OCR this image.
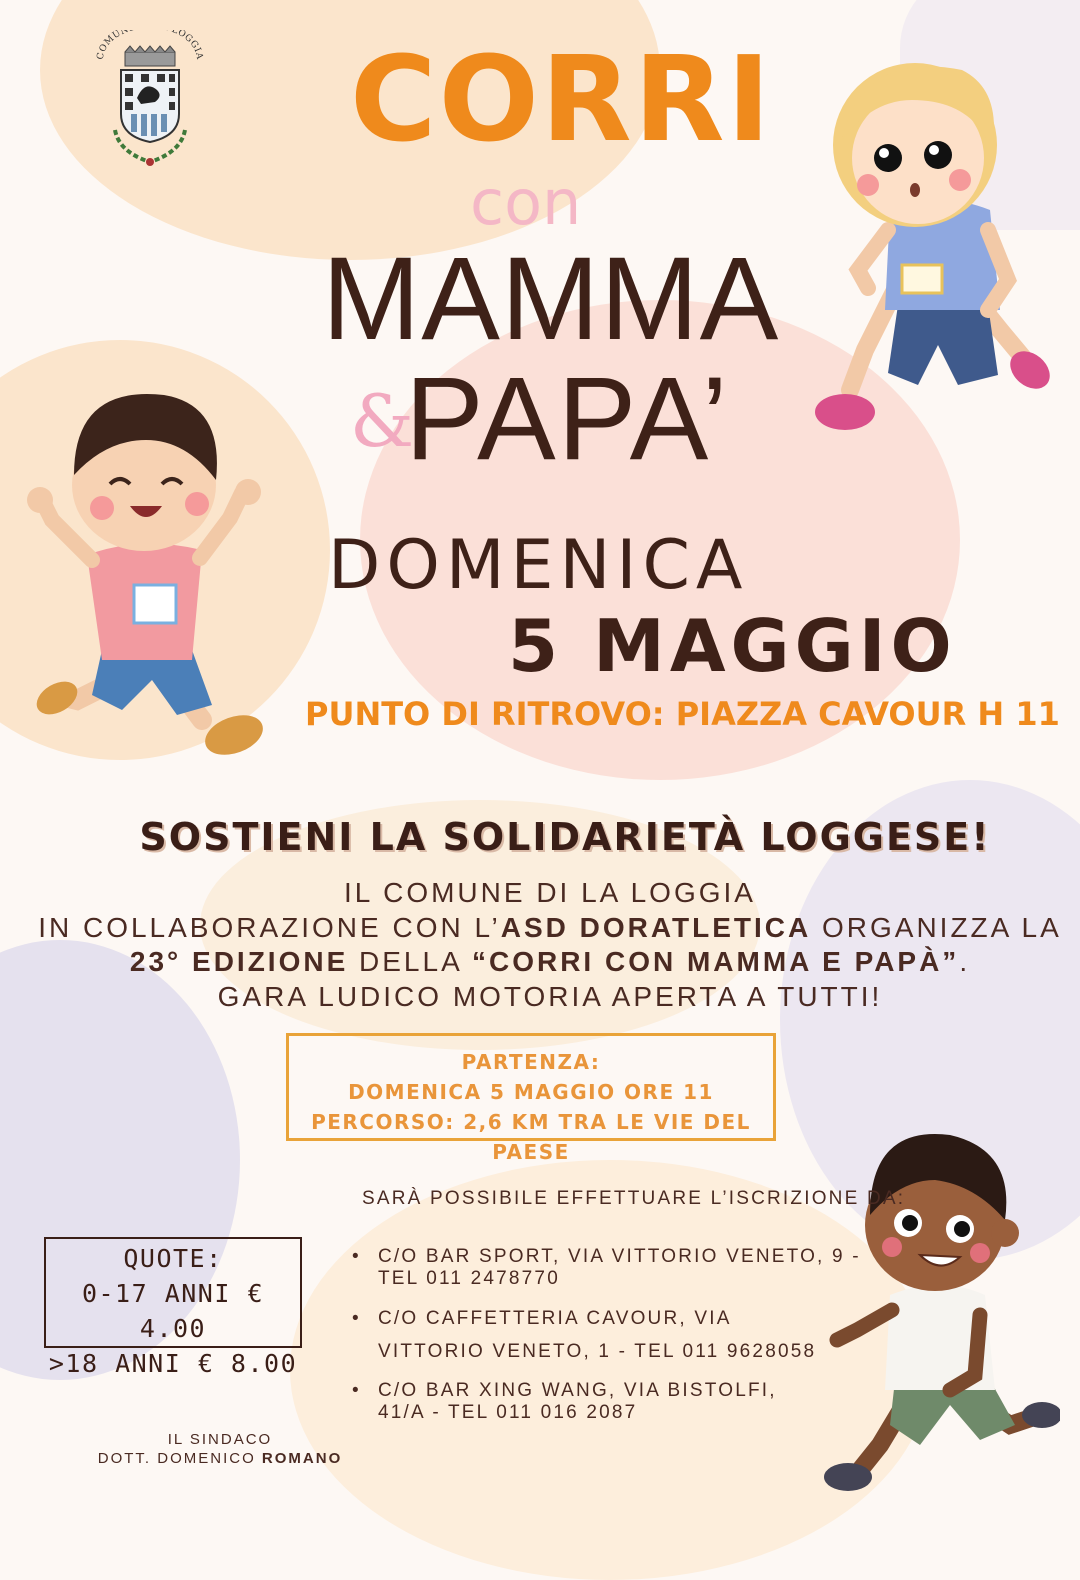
COMUN LOGGIA CORRI
con
MAMMA
&
PAPA’
DOMENICA
5 MAGGIO
PUNTO DI RITROVO: PIAZZA CAVOUR H 11
SOSTIENI LA SOLIDARIETÀ LOGGESE!
IL COMUNE DI LA LOGGIA
IN COLLABORAZIONE CON L’ASD DORATLETICA ORGANIZZA LA
23° EDIZIONE DELLA “CORRI CON MAMMA E PAPÀ”.
GARA LUDICO MOTORIA APERTA A TUTTI!
PARTENZA:
DOMENICA 5 MAGGIO ORE 11
PERCORSO: 2,6 KM TRA LE VIE DEL PAESE
QUOTE:
0-17 ANNI € 4.00
>18 ANNI € 8.00
SARÀ POSSIBILE EFFETTUARE L’ISCRIZIONE DA:
• C/O BAR SPORT, VIA VITTORIO VENETO, 9 - TEL 011 2478770
• C/O CAFFETTERIA CAVOUR, VIA VITTORIO VENETO, 1 - TEL 011 9628058
• C/O BAR XING WANG, VIA BISTOLFI, 41/A - TEL 011 016 2087
IL SINDACO
DOTT. DOMENICO ROMANO
